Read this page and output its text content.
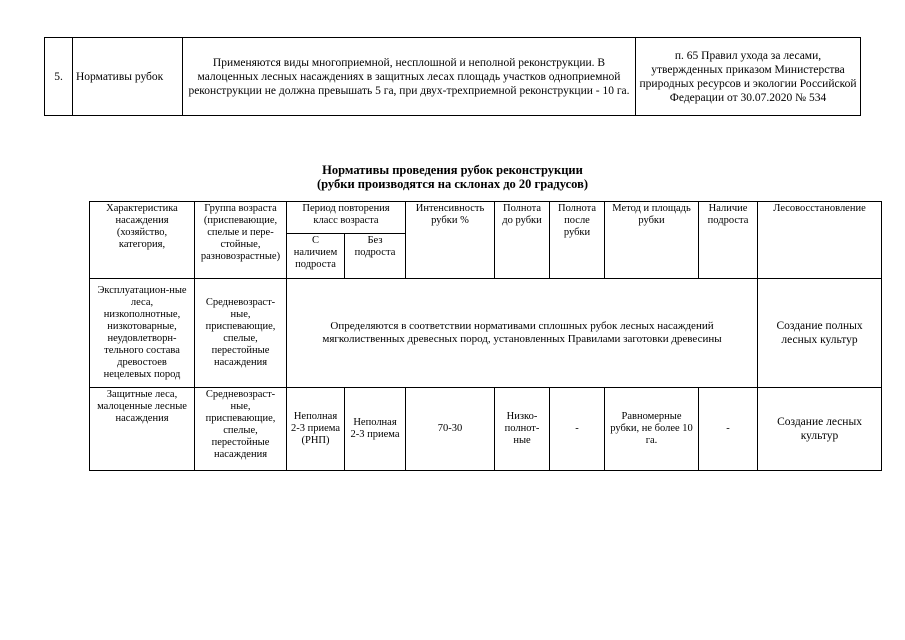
5.	Нормативы рубок	Применяются виды многоприемной, несплошной и неполной реконструкции. В малоценных лесных насаждениях в защитных лесах площадь участков одноприемной реконструкции не должна превышать 5 га, при двух-трехприемной реконструкции - 10 га.	п. 65 Правил ухода за лесами, утвержденных приказом Министерства природных ресурсов и экологии Российской Федерации от 30.07.2020 № 534
Нормативы проведения рубок реконструкции
(рубки производятся на склонах до 20 градусов)
Характеристика насаждения (хозяйство, категория,	Группа возраста (приспевающие, спелые и пере-стойные, разновозрастные)	Период повторения класс возраста		Интенсивность рубки %	Полнота до рубки	Полнота после рубки	Метод и площадь рубки	Наличие подроста	Лесовосстановление
		С наличием подроста	Без подроста						
Эксплуатацион-ные леса, низкополнотные, низкотоварные, неудовлетворн-тельного состава древостоев нецелевых пород	Средневозраст-ные, приспевающие, спелые, перестойные насаждения	Определяются в соответствии нормативами сплошных рубок лесных насаждений мягколиственных древесных пород, установленных Правилами заготовки древесины							Создание полных лесных культур
Защитные леса, малоценные лесные насаждения	Средневозраст-ные, приспевающие, спелые, перестойные насаждения	Неполная 2-3 приема (РНП)	Неполная 2-3 приема	70-30	Низко-полнот-ные	-	Равномерные рубки, не более 10 га.	-	Создание лесных культур
